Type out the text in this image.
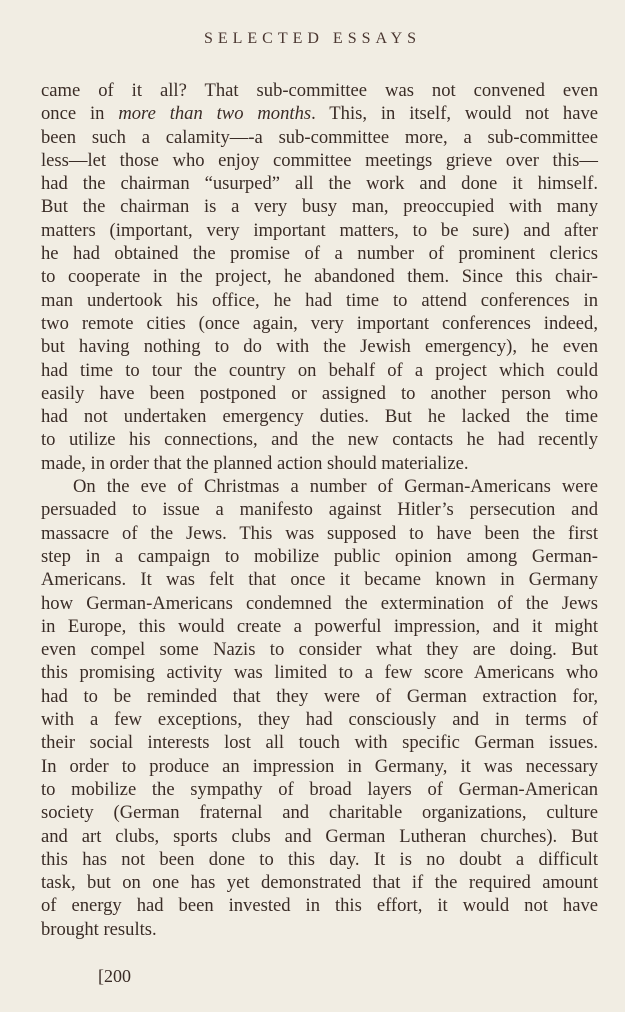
SELECTED ESSAYS

came of it all? That sub-committee was not convened even
once in more than two months. This, in itself, would not have
been such a calamity—-a sub-committee more, a sub-committee
less—let those who enjoy committee meetings grieve over this—
had the chairman “usurped” all the work and done it himself.
But the chairman is a very busy man, preoccupied with many
matters (important, very important matters, to be sure) and after
he had obtained the promise of a number of prominent clerics
to cooperate in the project, he abandoned them. Since this chair-
man undertook his office, he had time to attend conferences in
two remote cities (once again, very important conferences indeed,
but having nothing to do with the Jewish emergency), he even
had time to tour the country on behalf of a project which could
easily have been postponed or assigned to another person who
had not undertaken emergency duties. But he lacked the time
to utilize his connections, and the new contacts he had recently
made, in order that the planned action should materialize.

On the eve of Christmas a number of German-Americans were
persuaded to issue a manifesto against Hitler’s persecution and
massacre of the Jews. This was supposed to have been the first
step in a campaign to mobilize public opinion among German-
Americans. It was felt that once it became known in Germany
how German-Americans condemned the extermination of the Jews
in Europe, this would create a powerful impression, and it might
even compel some Nazis to consider what they are doing. But
this promising activity was limited to a few score Americans who
had to be reminded that they were of German extraction for,
with a few exceptions, they had consciously and in terms of
their social interests lost all touch with specific German issues.
In order to produce an impression in Germany, it was necessary
to mobilize the sympathy of broad layers of German-American
society (German fraternal and charitable organizations, culture
and art clubs, sports clubs and German Lutheran churches). But
this has not been done to this day. It is no doubt a difficult
task, but on one has yet demonstrated that if the required amount
of energy had been invested in this effort, it would not have
brought results.

[200
